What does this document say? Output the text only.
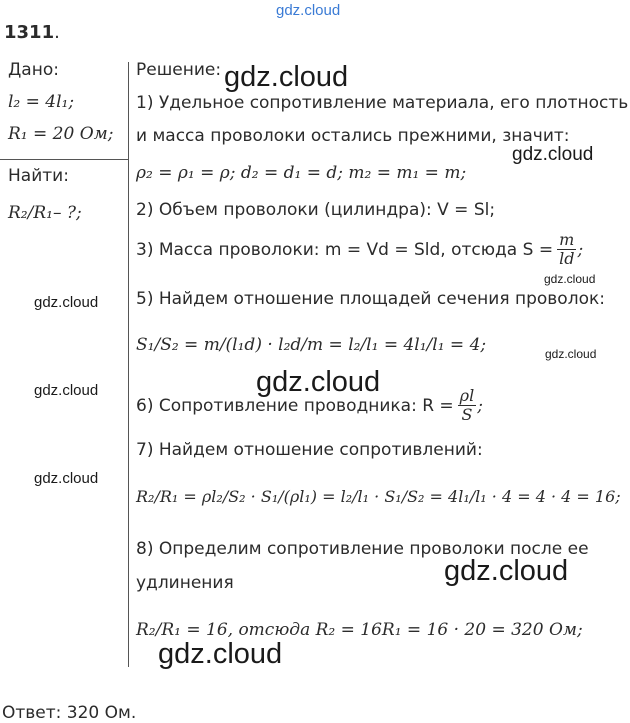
gdz.cloud
1311.
Дано:
l₂ = 4l₁;
R₁ = 20 Ом;
Найти:
R₂/R₁– ?;
Решение:
1) Удельное сопротивление материала, его плотность
и масса проволоки остались прежними, значит:
ρ₂ = ρ₁ = ρ; d₂ = d₁ = d; m₂ = m₁ = m;
2) Объем проволоки (цилиндра): V = Sl;
3) Масса проволоки: m = Vd = Sld, отсюда $S = \frac{m}{ld}$ ;
5) Найдем отношение площадей сечения проволок:
S₁/S₂ = m/(l₁d) · l₂d/m = l₂/l₁ = 4l₁/l₁ = 4;
6) Сопротивление проводника: $R = \frac{\rho l}{S}$ ;
7) Найдем отношение сопротивлений:
R₂/R₁ = ρl₂/S₂ · S₁/(ρl₁) = l₂/l₁ · S₁/S₂ = 4l₁/l₁ · 4 = 4 · 4 = 16;
8) Определим сопротивление проволоки после ее
удлинения
R₂/R₁ = 16, отсюда R₂ = 16R₁ = 16 · 20 = 320 Ом;
Ответ: 320 Ом.
gdz.cloud
gdz.cloud
gdz.cloud
gdz.cloud
gdz.cloud
gdz.cloud
gdz.cloud
gdz.cloud
gdz.cloud
gdz.cloud
